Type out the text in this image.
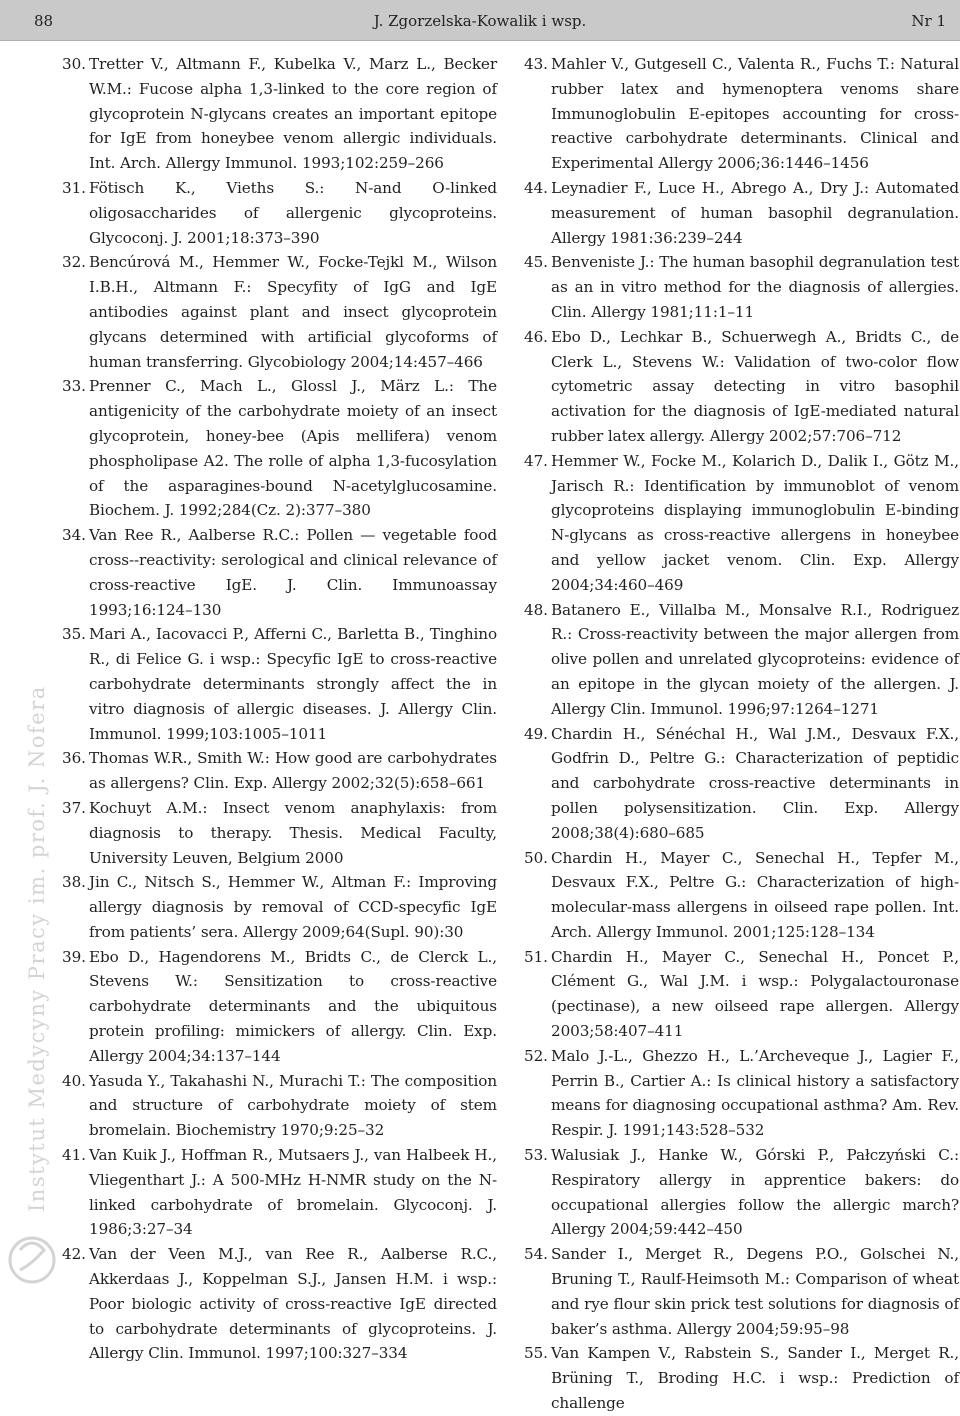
88	J. Zgorzelska-Kowalik i wsp.	Nr 1
Instytut Medycyny Pracy im. prof. J. Nofera
30. Tretter V., Altmann F., Kubelka V., Marz L., Becker W.M.: Fucose alpha 1,3-linked to the core region of glycoprotein N-glycans creates an important epitope for IgE from honeybee venom allergic individuals. Int. Arch. Allergy Immunol. 1993;102:259–266
31. Fötisch K., Vieths S.: N-and O-linked oligosaccharides of allergenic glycoproteins. Glycoconj. J. 2001;18:373–390
32. Bencúrová M., Hemmer W., Focke-Tejkl M., Wilson I.B.H., Altmann F.: Specyfity of IgG and IgE antibodies against plant and insect glycoprotein glycans determined with artificial glycoforms of human transferring. Glycobiology 2004;14:457–466
33. Prenner C., Mach L., Glossl J., März L.: The antigenicity of the carbohydrate moiety of an insect glycoprotein, honey-bee (Apis mellifera) venom phospholipase A2. The rolle of alpha 1,3-fucosylation of the asparagines-bound N-acetylglucosamine. Biochem. J. 1992;284(Cz. 2):377–380
34. Van Ree R., Aalberse R.C.: Pollen — vegetable food cross--reactivity: serological and clinical relevance of cross-reactive IgE. J. Clin. Immunoassay 1993;16:124–130
35. Mari A., Iacovacci P., Afferni C., Barletta B., Tinghino R., di Felice G. i wsp.: Specyfic IgE to cross-reactive carbohydrate determinants strongly affect the in vitro diagnosis of allergic diseases. J. Allergy Clin. Immunol. 1999;103:1005–1011
36. Thomas W.R., Smith W.: How good are carbohydrates as allergens? Clin. Exp. Allergy 2002;32(5):658–661
37. Kochuyt A.M.: Insect venom anaphylaxis: from diagnosis to therapy. Thesis. Medical Faculty, University Leuven, Belgium 2000
38. Jin C., Nitsch S., Hemmer W., Altman F.: Improving allergy diagnosis by removal of CCD-specyfic IgE from patients’ sera. Allergy 2009;64(Supl. 90):30
39. Ebo D., Hagendorens M., Bridts C., de Clerck L., Stevens W.: Sensitization to cross-reactive carbohydrate determinants and the ubiquitous protein profiling: mimickers of allergy. Clin. Exp. Allergy 2004;34:137–144
40. Yasuda Y., Takahashi N., Murachi T.: The composition and structure of carbohydrate moiety of stem bromelain. Biochemistry 1970;9:25–32
41. Van Kuik J., Hoffman R., Mutsaers J., van Halbeek H., Vliegenthart J.: A 500-MHz H-NMR study on the N-linked carbohydrate of bromelain. Glycoconj. J. 1986;3:27–34
42. Van der Veen M.J., van Ree R., Aalberse R.C., Akkerdaas J., Koppelman S.J., Jansen H.M. i wsp.: Poor biologic activity of cross-reactive IgE directed to carbohydrate determinants of glycoproteins. J. Allergy Clin. Immunol. 1997;100:327–334
43. Mahler V., Gutgesell C., Valenta R., Fuchs T.: Natural rubber latex and hymenoptera venoms share Immunoglobulin E-epitopes accounting for cross-reactive carbohydrate determinants. Clinical and Experimental Allergy 2006;36:1446–1456
44. Leynadier F., Luce H., Abrego A., Dry J.: Automated measurement of human basophil degranulation. Allergy 1981:36:239–244
45. Benveniste J.: The human basophil degranulation test as an in vitro method for the diagnosis of allergies. Clin. Allergy 1981;11:1–11
46. Ebo D., Lechkar B., Schuerwegh A., Bridts C., de Clerk L., Stevens W.: Validation of two-color flow cytometric assay detecting in vitro basophil activation for the diagnosis of IgE-mediated natural rubber latex allergy. Allergy 2002;57:706–712
47. Hemmer W., Focke M., Kolarich D., Dalik I., Götz M., Jarisch R.: Identification by immunoblot of venom glycoproteins displaying immunoglobulin E-binding N-glycans as cross-reactive allergens in honeybee and yellow jacket venom. Clin. Exp. Allergy 2004;34:460–469
48. Batanero E., Villalba M., Monsalve R.I., Rodriguez R.: Cross-reactivity between the major allergen from olive pollen and unrelated glycoproteins: evidence of an epitope in the glycan moiety of the allergen. J. Allergy Clin. Immunol. 1996;97:1264–1271
49. Chardin H., Sénéchal H., Wal J.M., Desvaux F.X., Godfrin D., Peltre G.: Characterization of peptidic and carbohydrate cross-reactive determinants in pollen polysensitization. Clin. Exp. Allergy 2008;38(4):680–685
50. Chardin H., Mayer C., Senechal H., Tepfer M., Desvaux F.X., Peltre G.: Characterization of high-molecular-mass allergens in oilseed rape pollen. Int. Arch. Allergy Immunol. 2001;125:128–134
51. Chardin H., Mayer C., Senechal H., Poncet P., Clément G., Wal J.M. i wsp.: Polygalactouronase (pectinase), a new oilseed rape allergen. Allergy 2003;58:407–411
52. Malo J.-L., Ghezzo H., L.’Archeveque J., Lagier F., Perrin B., Cartier A.: Is clinical history a satisfactory means for diagnosing occupational asthma? Am. Rev. Respir. J. 1991;143:528–532
53. Walusiak J., Hanke W., Górski P., Pałczyński C.: Respiratory allergy in apprentice bakers: do occupational allergies follow the allergic march? Allergy 2004;59:442–450
54. Sander I., Merget R., Degens P.O., Golschei N., Bruning T., Raulf-Heimsoth M.: Comparison of wheat and rye flour skin prick test solutions for diagnosis of baker’s asthma. Allergy 2004;59:95–98
55. Van Kampen V., Rabstein S., Sander I., Merget R., Brüning T., Broding H.C. i wsp.: Prediction of challenge
